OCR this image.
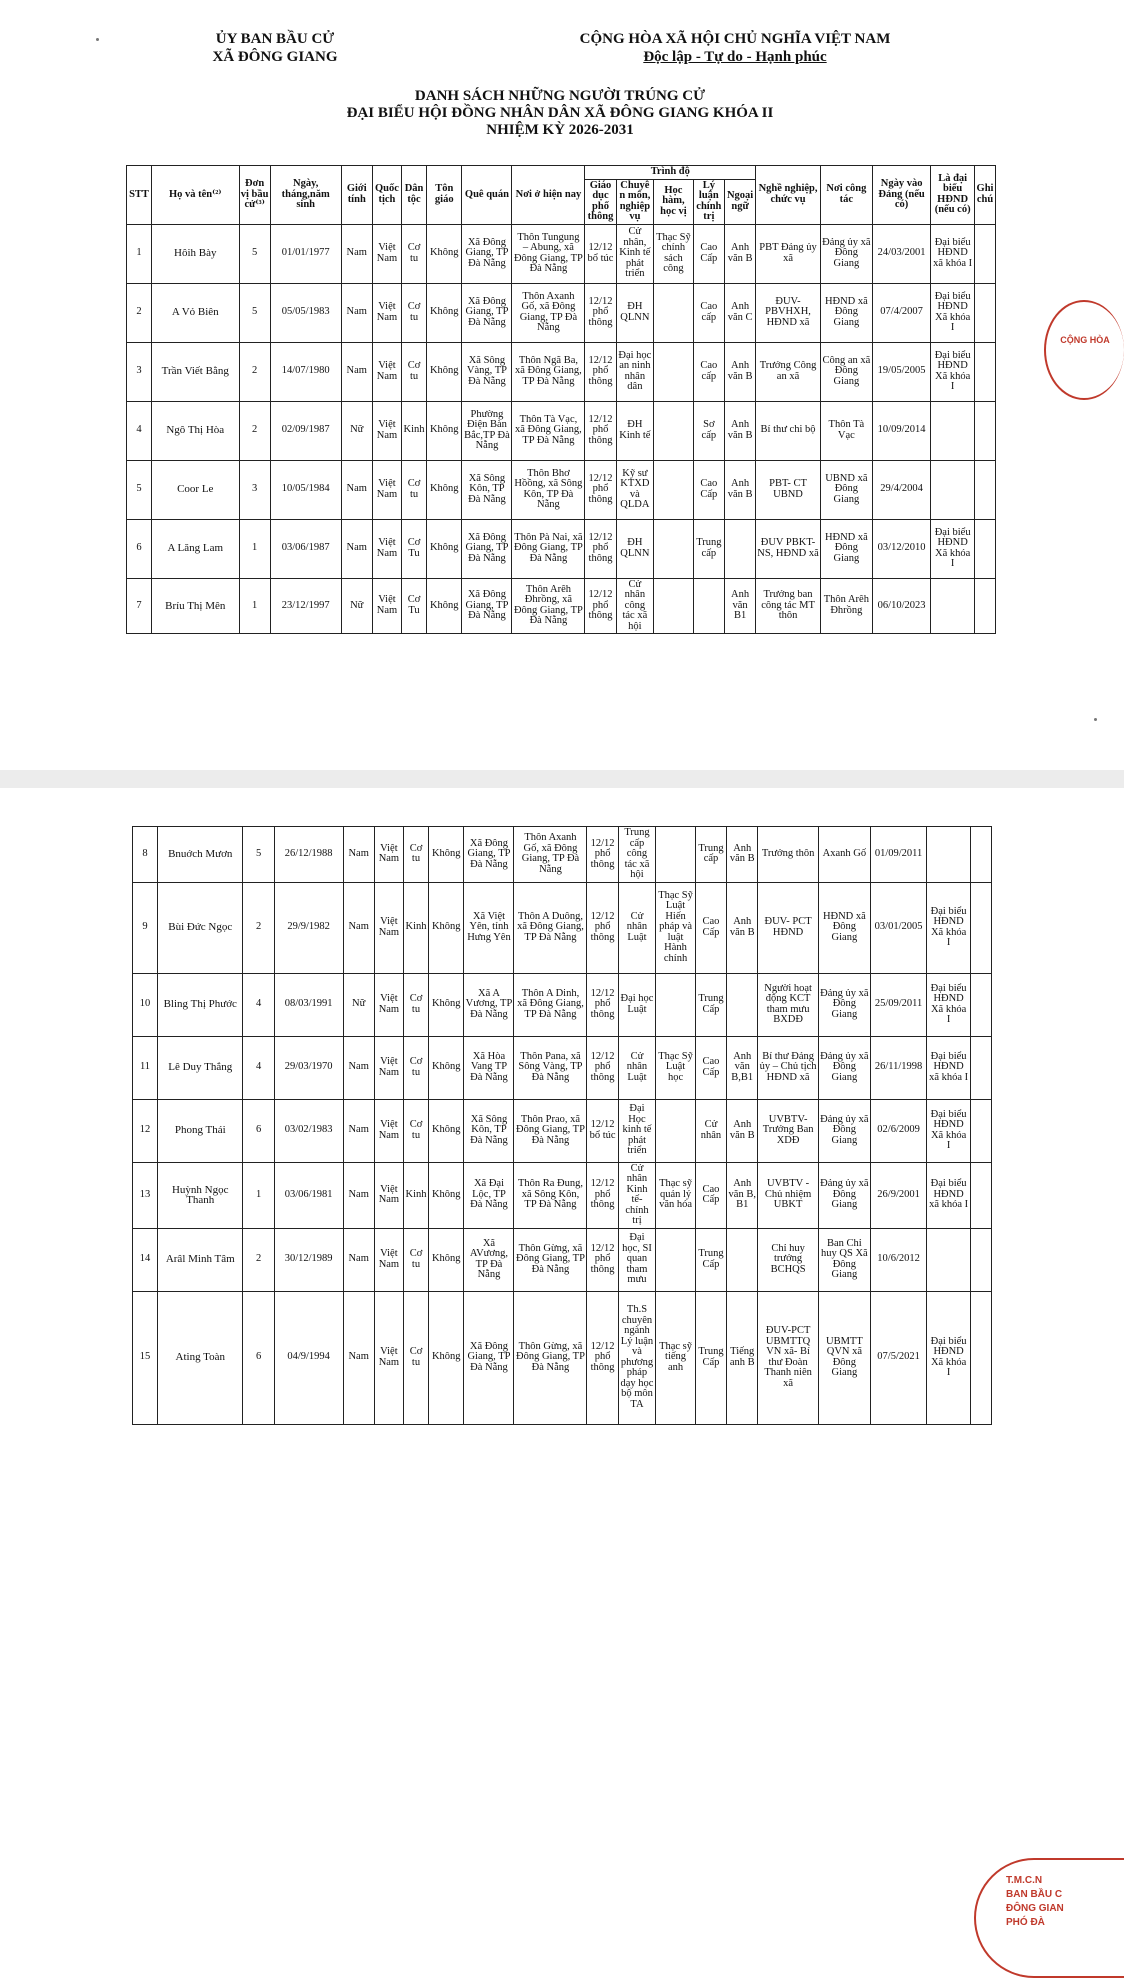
ỦY BAN BẦU CỬ
XÃ ĐÔNG GIANG
CỘNG HÒA XÃ HỘI CHỦ NGHĨA VIỆT NAM
Độc lập - Tự do - Hạnh phúc
DANH SÁCH NHỮNG NGƯỜI TRÚNG CỬ
ĐẠI BIỂU HỘI ĐỒNG NHÂN DÂN XÃ ĐÔNG GIANG KHÓA II
NHIỆM KỲ 2026-2031
STT	Họ và tên⁽²⁾	Đơn vị bầu cử⁽³⁾	Ngày, tháng,năm sinh	Giới tính	Quốc tịch	Dân tộc	Tôn giáo	Quê quán	Nơi ở hiện nay	Trình độ					Nghề nghiệp, chức vụ	Nơi công tác	Ngày vào Đảng (nếu có)	Là đại biểu HĐND (nếu có)	Ghi chú
										Giáo dục phổ thông	Chuyên môn, nghiệp vụ	Học hàm, học vị	Lý luận chính trị	Ngoại ngữ					
1	Hôih Bày	5	01/01/1977	Nam	Việt Nam	Cơ tu	Không	Xã Đông Giang, TP Đà Nẵng	Thôn Tungung – Abung, xã Đông Giang, TP Đà Nẵng	12/12 bổ túc	Cử nhân, Kinh tế phát triển	Thạc Sỹ chính sách công	Cao Cấp	Anh văn B	PBT Đảng ủy xã	Đảng ủy xã Đông Giang	24/03/2001	Đại biểu HĐND xã khóa I	
2	A Vỏ Biên	5	05/05/1983	Nam	Việt Nam	Cơ tu	Không	Xã Đông Giang, TP Đà Nẵng	Thôn Axanh Gố, xã Đông Giang, TP Đà Nẵng	12/12 phổ thông	ĐH QLNN		Cao cấp	Anh văn C	ĐUV- PBVHXH, HĐND xã	HĐND xã Đông Giang	07/4/2007	Đại biểu HĐND Xã khóa I	
3	Trần Viết Bằng	2	14/07/1980	Nam	Việt Nam	Cơ tu	Không	Xã Sông Vàng, TP Đà Nẵng	Thôn Ngã Ba, xã Đông Giang, TP Đà Nẵng	12/12 phổ thông	Đại học an ninh nhân dân		Cao cấp	Anh văn B	Trưởng Công an xã	Công an xã Đông Giang	19/05/2005	Đại biểu HĐND Xã khóa I	
4	Ngô Thị Hòa	2	02/09/1987	Nữ	Việt Nam	Kinh	Không	Phường Điện Bàn Bắc,TP Đà Nẵng	Thôn Tà Vạc, xã Đông Giang, TP Đà Nẵng	12/12 phổ thông	ĐH Kinh tế		Sơ cấp	Anh văn B	Bí thư chi bộ	Thôn Tà Vạc	10/09/2014		
5	Coor Le	3	10/05/1984	Nam	Việt Nam	Cơ tu	Không	Xã Sông Kôn, TP Đà Nẵng	Thôn Bhơ Hồồng, xã Sông Kôn, TP Đà Nẵng	12/12 phổ thông	Kỹ sư KTXD và QLDA		Cao Cấp	Anh văn B	PBT- CT UBND	UBND xã Đông Giang	29/4/2004		
6	A Lăng Lam	1	03/06/1987	Nam	Việt Nam	Cơ Tu	Không	Xã Đông Giang, TP Đà Nẵng	Thôn Pà Nai, xã Đông Giang, TP Đà Nẵng	12/12 phổ thông	ĐH QLNN		Trung cấp		ĐUV PBKT- NS, HĐND xã	HĐND xã Đông Giang	03/12/2010	Đại biểu HĐND Xã khóa I	
7	Bríu Thị Mên	1	23/12/1997	Nữ	Việt Nam	Cơ Tu	Không	Xã Đông Giang, TP Đà Nẵng	Thôn Arêh Đhrồng, xã Đông Giang, TP Đà Nẵng	12/12 phổ thông	Cử nhân công tác xã hội			Anh văn B1	Trưởng ban công tác MT thôn	Thôn Arêh Đhrồng	06/10/2023		
CỘNG HÒA
8	Bnuớch Mươn	5	26/12/1988	Nam	Việt Nam	Cơ tu	Không	Xã Đông Giang, TP Đà Nẵng	Thôn Axanh Gố, xã Đông Giang, TP Đà Nẵng	12/12 phổ thông	Trung cấp công tác xã hội		Trung cấp	Anh văn B	Trưởng thôn	Axanh Gố	01/09/2011		
9	Bùi Đức Ngọc	2	29/9/1982	Nam	Việt Nam	Kinh	Không	Xã Việt Yên, tỉnh Hưng Yên	Thôn A Duông, xã Đông Giang, TP Đà Nẵng	12/12 phổ thông	Cử nhân Luật	Thạc Sỹ Luật Hiến pháp và luật Hành chính	Cao Cấp	Anh văn B	ĐUV- PCT HĐND	HĐND xã Đông Giang	03/01/2005	Đại biểu HĐND Xã khóa I	
10	Bling Thị Phước	4	08/03/1991	Nữ	Việt Nam	Cơ tu	Không	Xã A Vương, TP Đà Nẵng	Thôn A Dinh, xã Đông Giang, TP Đà Nẵng	12/12 phổ thông	Đại học Luật		Trung Cấp		Người hoạt động KCT tham mưu BXDĐ	Đảng ủy xã Đông Giang	25/09/2011	Đại biểu HĐND Xã khóa I	
11	Lê Duy Thắng	4	29/03/1970	Nam	Việt Nam	Cơ tu	Không	Xã Hòa Vang TP Đà Nẵng	Thôn Pana, xã Sông Vàng, TP Đà Nẵng	12/12 phổ thông	Cử nhân Luật	Thạc Sỹ Luật học	Cao Cấp	Anh văn B,B1	Bí thư Đảng ủy – Chủ tịch HĐND xã	Đảng ủy xã Đông Giang	26/11/1998	Đại biểu HĐND xã khóa I	
12	Phong Thái	6	03/02/1983	Nam	Việt Nam	Cơ tu	Không	Xã Sông Kôn, TP Đà Nẵng	Thôn Prao, xã Đông Giang, TP Đà Nẵng	12/12 bổ túc	Đại Học kinh tế phát triển		Cử nhân	Anh văn B	UVBTV- Trưởng Ban XDĐ	Đảng ủy xã Đông Giang	02/6/2009	Đại biểu HĐND Xã khóa I	
13	Huỳnh Ngọc Thanh	1	03/06/1981	Nam	Việt Nam	Kinh	Không	Xã Đại Lộc, TP Đà Nẵng	Thôn Ra Đung, xã Sông Kôn, TP Đà Nẵng	12/12 phổ thông	Cử nhân Kinh tế- chính trị	Thạc sỹ quản lý văn hóa	Cao Cấp	Anh văn B, B1	UVBTV - Chủ nhiệm UBKT	Đảng ủy xã Đông Giang	26/9/2001	Đại biểu HĐND xã khóa I	
14	Arâl Minh Tâm	2	30/12/1989	Nam	Việt Nam	Cơ tu	Không	Xã AVương, TP Đà Nẵng	Thôn Gừng, xã Đông Giang, TP Đà Nẵng	12/12 phổ thông	Đại học, SI quan tham mưu		Trung Cấp		Chỉ huy trưởng BCHQS	Ban Chỉ huy QS Xã Đông Giang	10/6/2012		
15	Ating Toàn	6	04/9/1994	Nam	Việt Nam	Cơ tu	Không	Xã Đông Giang, TP Đà Nẵng	Thôn Gừng, xã Đông Giang, TP Đà Nẵng	12/12 phổ thông	Th.S chuyên ngành Lý luận và phương pháp dạy học bộ môn TA	Thạc sỹ tiếng anh	Trung Cấp	Tiếng anh B	ĐUV-PCT UBMTTQ VN xã- Bí thư Đoàn Thanh niên xã	UBMTT QVN xã Đông Giang	07/5/2021	Đại biểu HĐND Xã khóa I	
T.M.C.N
BAN BẦU C
ĐÔNG GIAN
PHÓ ĐÀ
